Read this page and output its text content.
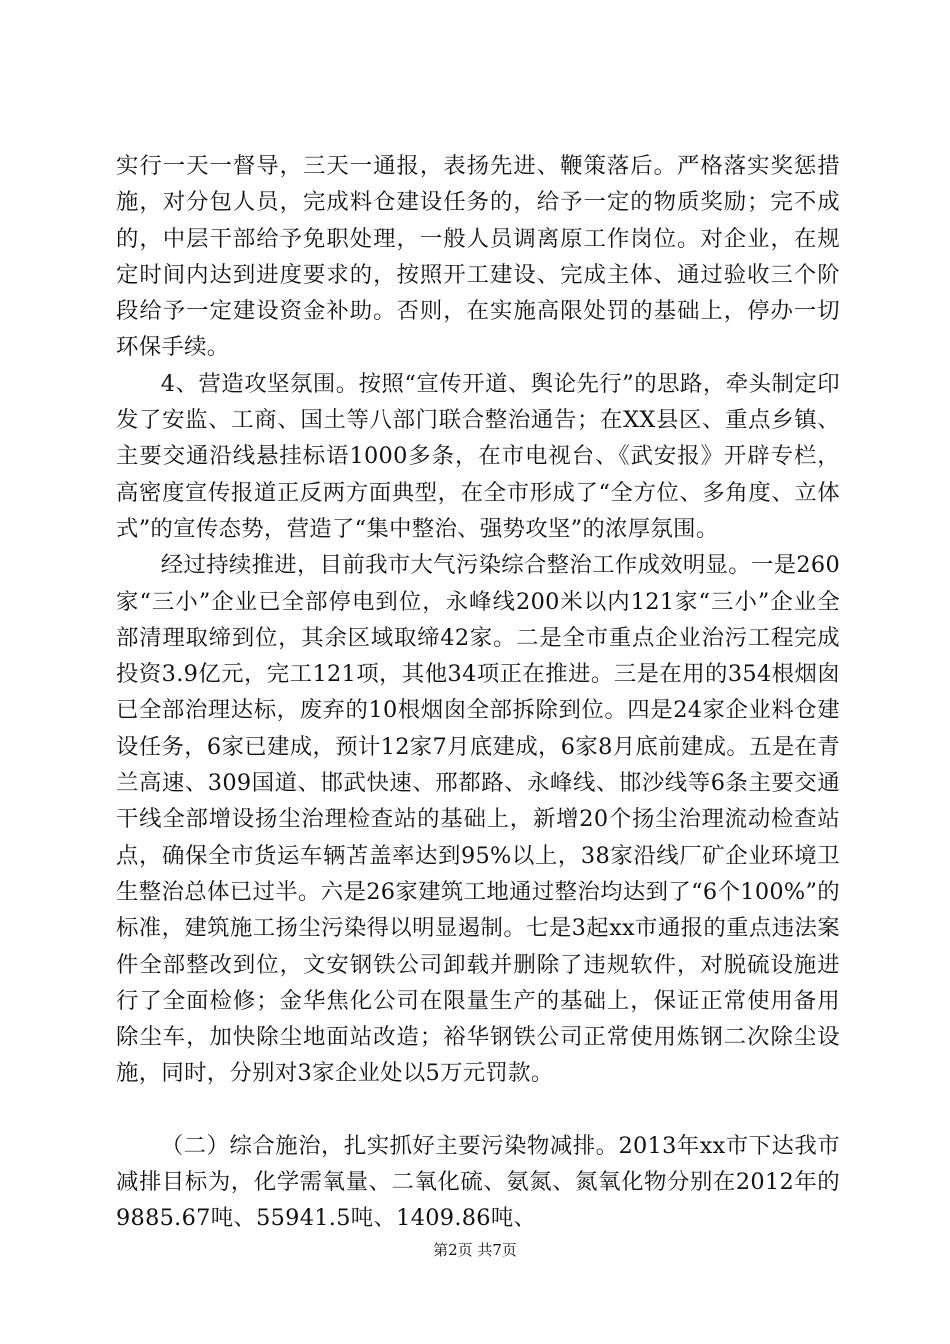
实行一天一督导，三天一通报，表扬先进、鞭策落后。严格落实奖惩措施，对分包人员，完成料仓建设任务的，给予一定的物质奖励；完不成的，中层干部给予免职处理，一般人员调离原工作岗位。对企业，在规定时间内达到进度要求的，按照开工建设、完成主体、通过验收三个阶段给予一定建设资金补助。否则，在实施高限处罚的基础上，停办一切环保手续。

4、营造攻坚氛围。按照“宣传开道、舆论先行”的思路，牵头制定印发了安监、工商、国土等八部门联合整治通告；在XX县区、重点乡镇、主要交通沿线悬挂标语1000多条，在市电视台、《武安报》开辟专栏，高密度宣传报道正反两方面典型，在全市形成了“全方位、多角度、立体式”的宣传态势，营造了“集中整治、强势攻坚”的浓厚氛围。

经过持续推进，目前我市大气污染综合整治工作成效明显。一是260家“三小”企业已全部停电到位，永峰线200米以内121家“三小”企业全部清理取缔到位，其余区域取缔42家。二是全市重点企业治污工程完成投资3.9亿元，完工121项，其他34项正在推进。三是在用的354根烟囱已全部治理达标，废弃的10根烟囱全部拆除到位。四是24家企业料仓建设任务，6家已建成，预计12家7月底建成，6家8月底前建成。五是在青兰高速、309国道、邯武快速、邢都路、永峰线、邯沙线等6条主要交通干线全部增设扬尘治理检查站的基础上，新增20个扬尘治理流动检查站点，确保全市货运车辆苫盖率达到95%以上，38家沿线厂矿企业环境卫生整治总体已过半。六是26家建筑工地通过整治均达到了“6个100%”的标准，建筑施工扬尘污染得以明显遏制。七是3起xx市通报的重点违法案件全部整改到位，文安钢铁公司卸载并删除了违规软件，对脱硫设施进行了全面检修；金华焦化公司在限量生产的基础上，保证正常使用备用除尘车，加快除尘地面站改造；裕华钢铁公司正常使用炼钢二次除尘设施，同时，分别对3家企业处以5万元罚款。

（二）综合施治，扎实抓好主要污染物减排。2013年xx市下达我市减排目标为，化学需氧量、二氧化硫、氨氮、氮氧化物分别在2012年的9885.67吨、55941.5吨、1409.86吨、

第2页 共7页
